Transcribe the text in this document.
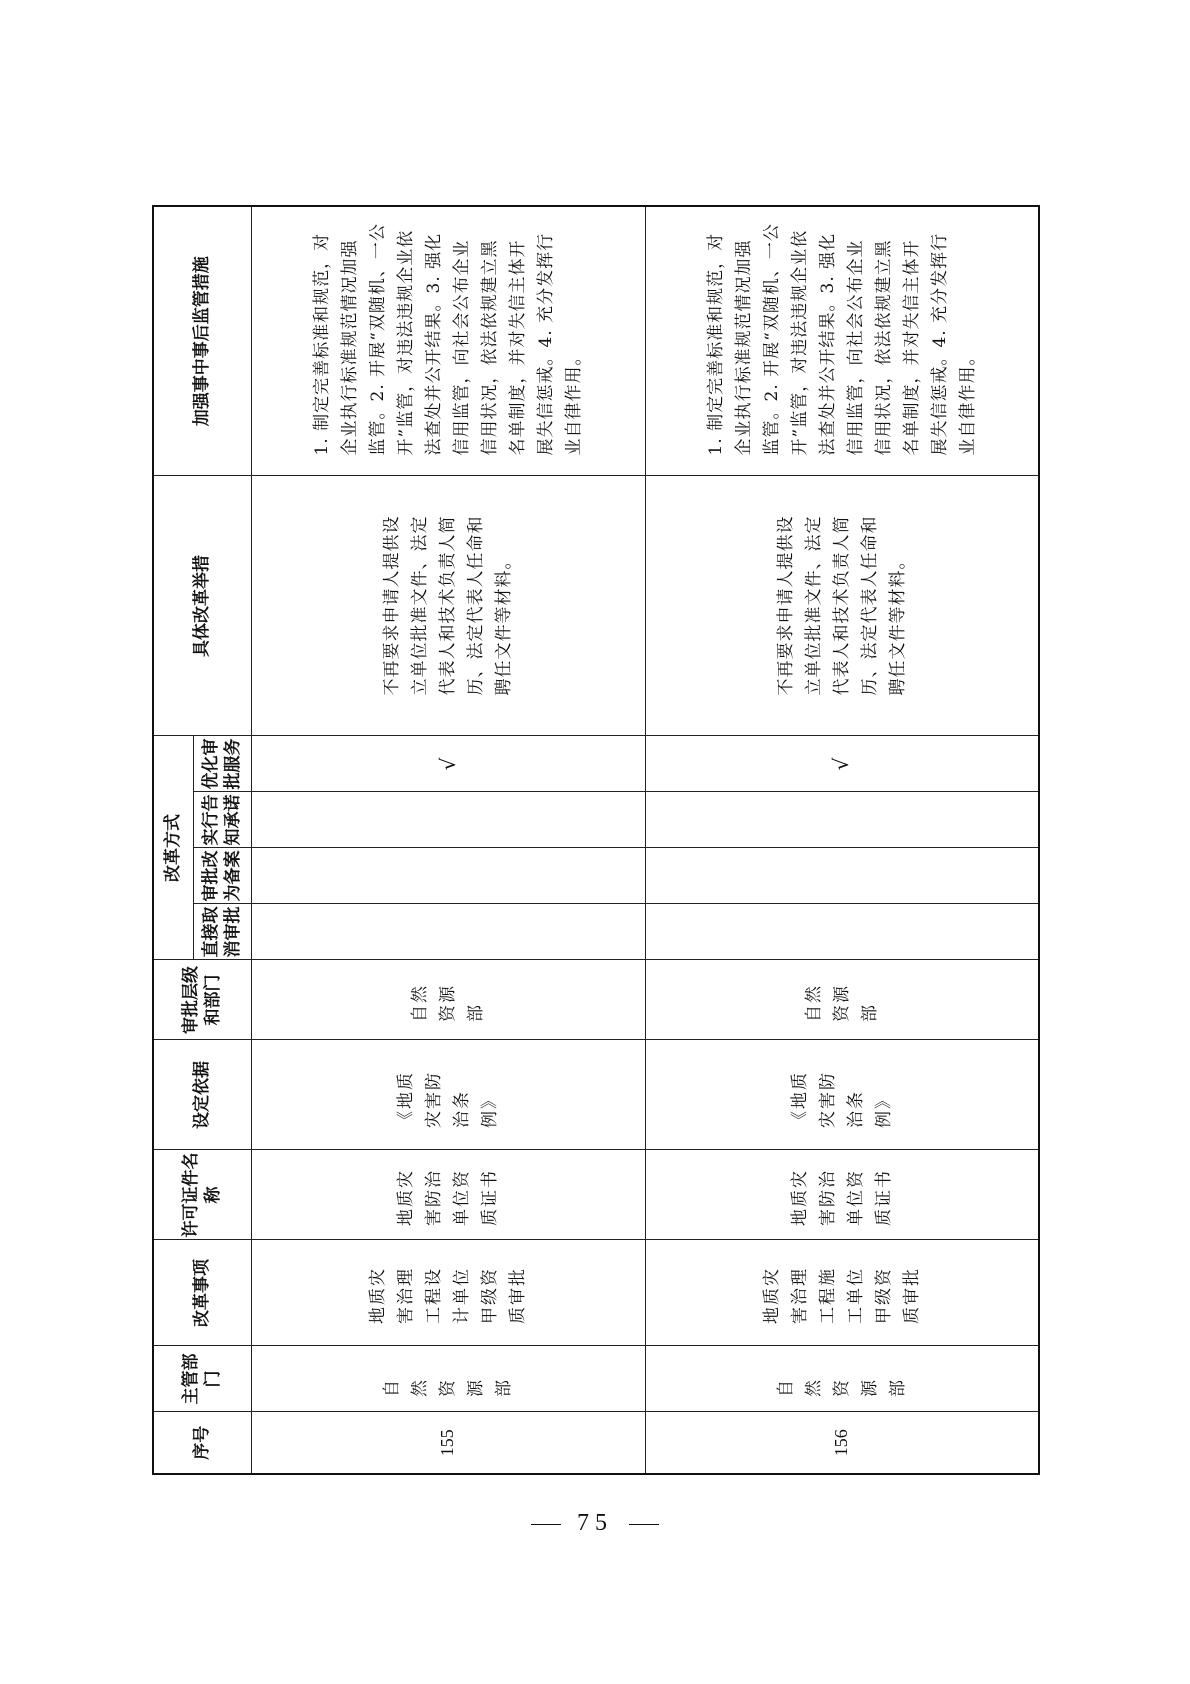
序号	主管部门	改革事项	许可证件名称	设定依据	审批层级和部门	改革方式				具体改革举措	加强事中事后监管措施
						直接取消审批	审批改为备案	实行告知承诺	优化审批服务		
155	自然资源部	地质灾害治理工程设计单位甲级资质审批	地质灾害防治单位资质证书	《地质灾害防治条例》	自然资源部				√	不再要求申请人提供设立单位批准文件、法定代表人和技术负责人简历、法定代表人任命和聘任文件等材料。	1. 制定完善标准和规范，对企业执行标准规范情况加强监管。2. 开展“双随机、一公开”监管，对违法违规企业依法查处并公开结果。3. 强化信用监管，向社会公布企业信用状况，依法依规建立黑名单制度，并对失信主体开展失信惩戒。4. 充分发挥行业自律作用。

156	自然资源部	地质灾害治理工程施工单位甲级资质审批	地质灾害防治单位资质证书	《地质灾害防治条例》	自然资源部				√	不再要求申请人提供设立单位批准文件、法定代表人和技术负责人简历、法定代表人任命和聘任文件等材料。	1. 制定完善标准和规范，对企业执行标准规范情况加强监管。2. 开展“双随机、一公开”监管，对违法违规企业依法查处并公开结果。3. 强化信用监管，向社会公布企业信用状况，依法依规建立黑名单制度，并对失信主体开展失信惩戒。4. 充分发挥行业自律作用。
75
